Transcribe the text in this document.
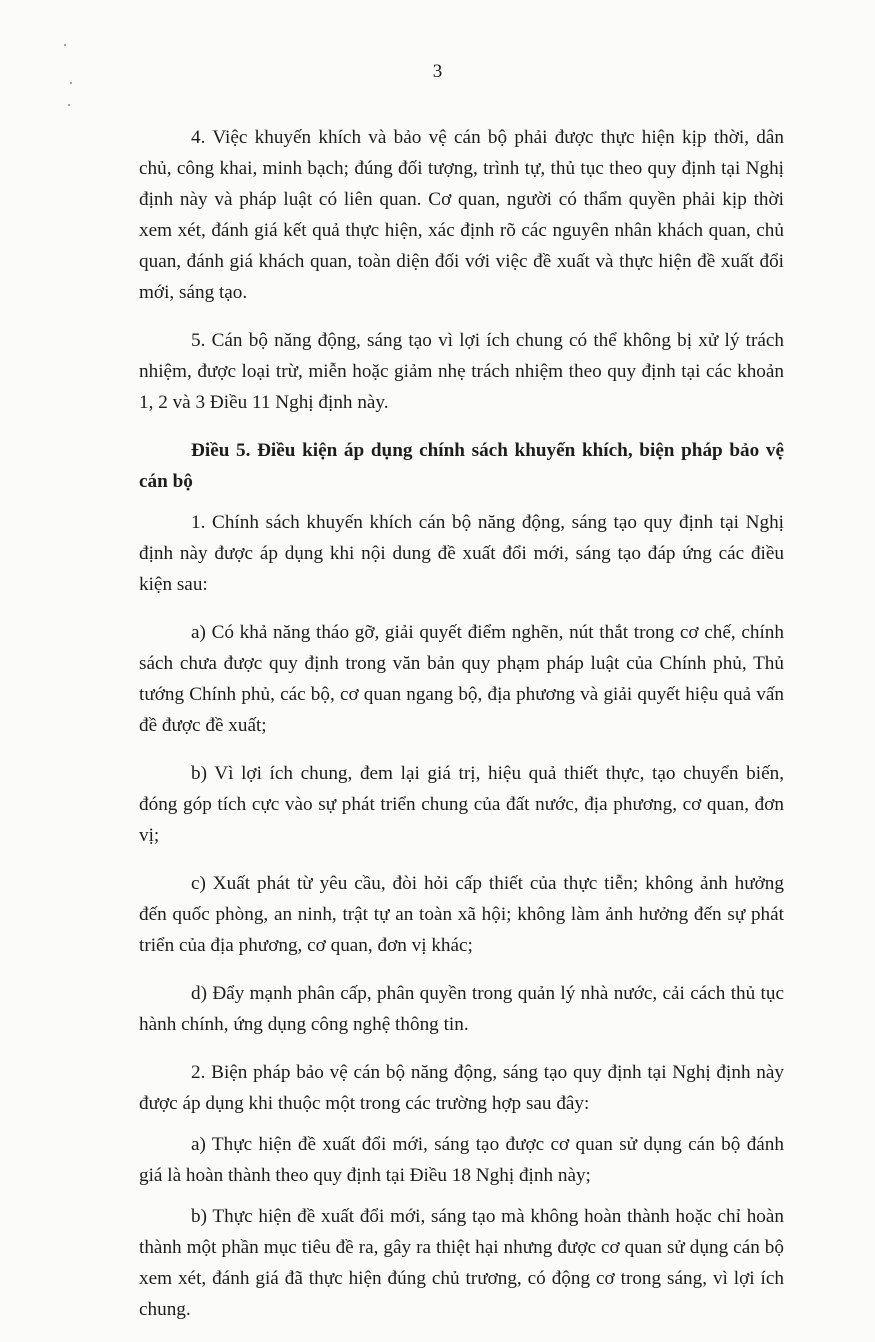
3

4. Việc khuyến khích và bảo vệ cán bộ phải được thực hiện kịp thời, dân chủ, công khai, minh bạch; đúng đối tượng, trình tự, thủ tục theo quy định tại Nghị định này và pháp luật có liên quan. Cơ quan, người có thẩm quyền phải kịp thời xem xét, đánh giá kết quả thực hiện, xác định rõ các nguyên nhân khách quan, chủ quan, đánh giá khách quan, toàn diện đối với việc đề xuất và thực hiện đề xuất đổi mới, sáng tạo.

5. Cán bộ năng động, sáng tạo vì lợi ích chung có thể không bị xử lý trách nhiệm, được loại trừ, miễn hoặc giảm nhẹ trách nhiệm theo quy định tại các khoản 1, 2 và 3 Điều 11 Nghị định này.

Điều 5. Điều kiện áp dụng chính sách khuyến khích, biện pháp bảo vệ cán bộ

1. Chính sách khuyến khích cán bộ năng động, sáng tạo quy định tại Nghị định này được áp dụng khi nội dung đề xuất đổi mới, sáng tạo đáp ứng các điều kiện sau:

a) Có khả năng tháo gỡ, giải quyết điểm nghẽn, nút thắt trong cơ chế, chính sách chưa được quy định trong văn bản quy phạm pháp luật của Chính phủ, Thủ tướng Chính phủ, các bộ, cơ quan ngang bộ, địa phương và giải quyết hiệu quả vấn đề được đề xuất;

b) Vì lợi ích chung, đem lại giá trị, hiệu quả thiết thực, tạo chuyển biến, đóng góp tích cực vào sự phát triển chung của đất nước, địa phương, cơ quan, đơn vị;

c) Xuất phát từ yêu cầu, đòi hỏi cấp thiết của thực tiễn; không ảnh hưởng đến quốc phòng, an ninh, trật tự an toàn xã hội; không làm ảnh hưởng đến sự phát triển của địa phương, cơ quan, đơn vị khác;

d) Đẩy mạnh phân cấp, phân quyền trong quản lý nhà nước, cải cách thủ tục hành chính, ứng dụng công nghệ thông tin.

2. Biện pháp bảo vệ cán bộ năng động, sáng tạo quy định tại Nghị định này được áp dụng khi thuộc một trong các trường hợp sau đây:

a) Thực hiện đề xuất đổi mới, sáng tạo được cơ quan sử dụng cán bộ đánh giá là hoàn thành theo quy định tại Điều 18 Nghị định này;

b) Thực hiện đề xuất đổi mới, sáng tạo mà không hoàn thành hoặc chỉ hoàn thành một phần mục tiêu đề ra, gây ra thiệt hại nhưng được cơ quan sử dụng cán bộ xem xét, đánh giá đã thực hiện đúng chủ trương, có động cơ trong sáng, vì lợi ích chung.
